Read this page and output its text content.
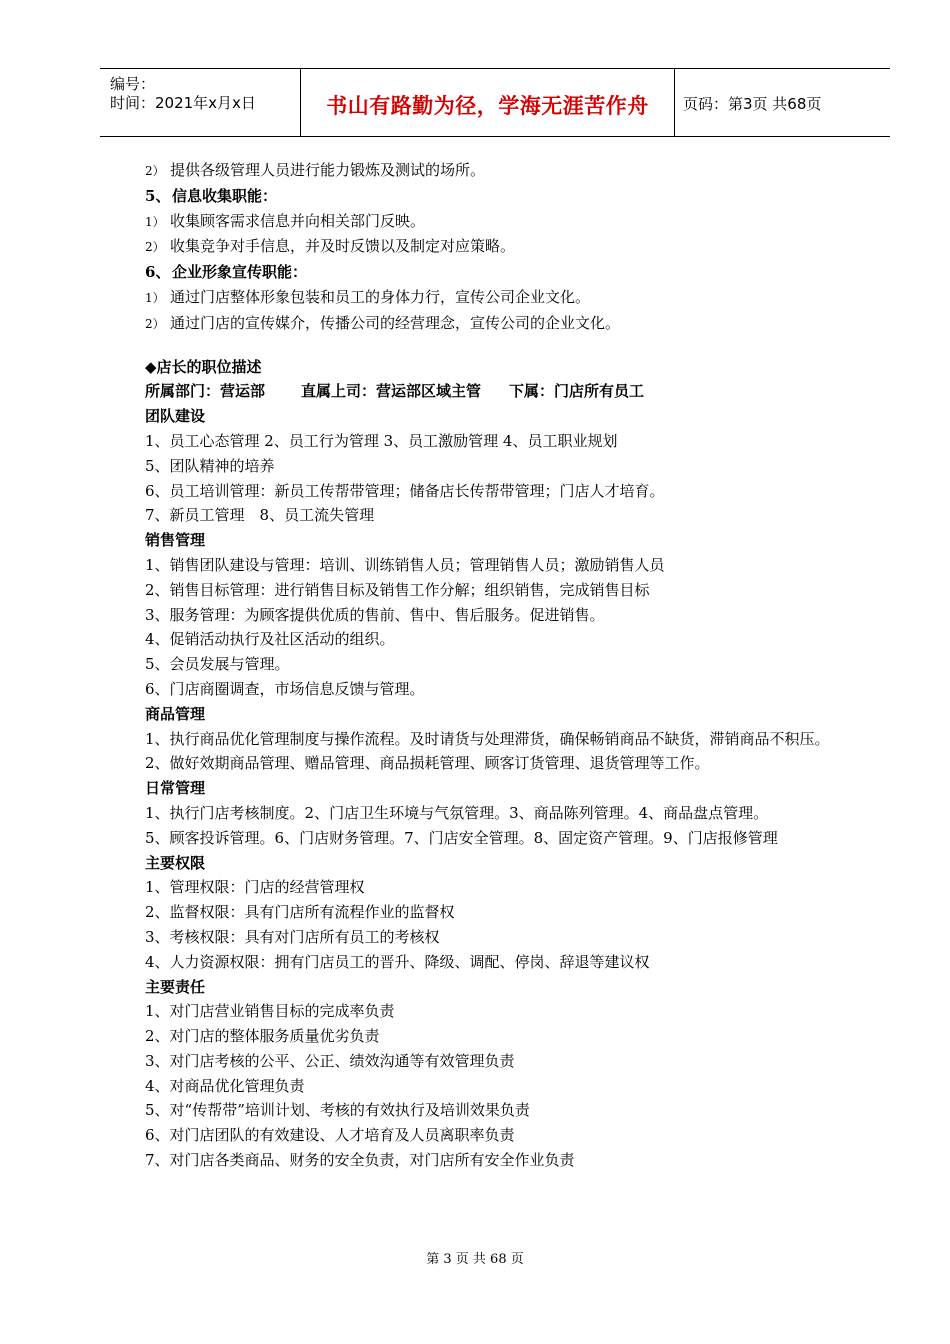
编号：
时间：2021年x月x日	书山有路勤为径，学海无涯苦作舟	页码：第3页 共68页
2） 提供各级管理人员进行能力锻炼及测试的场所。
5、 信息收集职能：
1） 收集顾客需求信息并向相关部门反映。
2） 收集竞争对手信息，并及时反馈以及制定对应策略。
6、 企业形象宣传职能：
1） 通过门店整体形象包装和员工的身体力行，宣传公司企业文化。
2） 通过门店的宣传媒介，传播公司的经营理念，宣传公司的企业文化。
◆店长的职位描述
所属部门：营运部 直属上司：营运部区域主管 下属：门店所有员工
团队建设
1、员工心态管理 2、员工行为管理 3、员工激励管理 4、员工职业规划
5、团队精神的培养
6、员工培训管理：新员工传帮带管理；储备店长传帮带管理；门店人才培育。
7、新员工管理　8、员工流失管理
销售管理
1、销售团队建设与管理：培训、训练销售人员；管理销售人员；激励销售人员
2、销售目标管理：进行销售目标及销售工作分解；组织销售，完成销售目标
3、服务管理：为顾客提供优质的售前、售中、售后服务。促进销售。
4、促销活动执行及社区活动的组织。
5、会员发展与管理。
6、门店商圈调查，市场信息反馈与管理。
商品管理
1、执行商品优化管理制度与操作流程。及时请货与处理滞货，确保畅销商品不缺货，滞销商品不积压。
2、做好效期商品管理、赠品管理、商品损耗管理、顾客订货管理、退货管理等工作。
日常管理
1、执行门店考核制度。2、门店卫生环境与气氛管理。3、商品陈列管理。4、商品盘点管理。
5、顾客投诉管理。6、门店财务管理。7、门店安全管理。8、固定资产管理。9、门店报修管理
主要权限
1、管理权限：门店的经营管理权
2、监督权限：具有门店所有流程作业的监督权
3、考核权限：具有对门店所有员工的考核权
4、人力资源权限：拥有门店员工的晋升、降级、调配、停岗、辞退等建议权
主要责任
1、对门店营业销售目标的完成率负责
2、对门店的整体服务质量优劣负责
3、对门店考核的公平、公正、绩效沟通等有效管理负责
4、对商品优化管理负责
5、对“传帮带”培训计划、考核的有效执行及培训效果负责
6、对门店团队的有效建设、人才培育及人员离职率负责
7、对门店各类商品、财务的安全负责，对门店所有安全作业负责
第 3 页 共 68 页
